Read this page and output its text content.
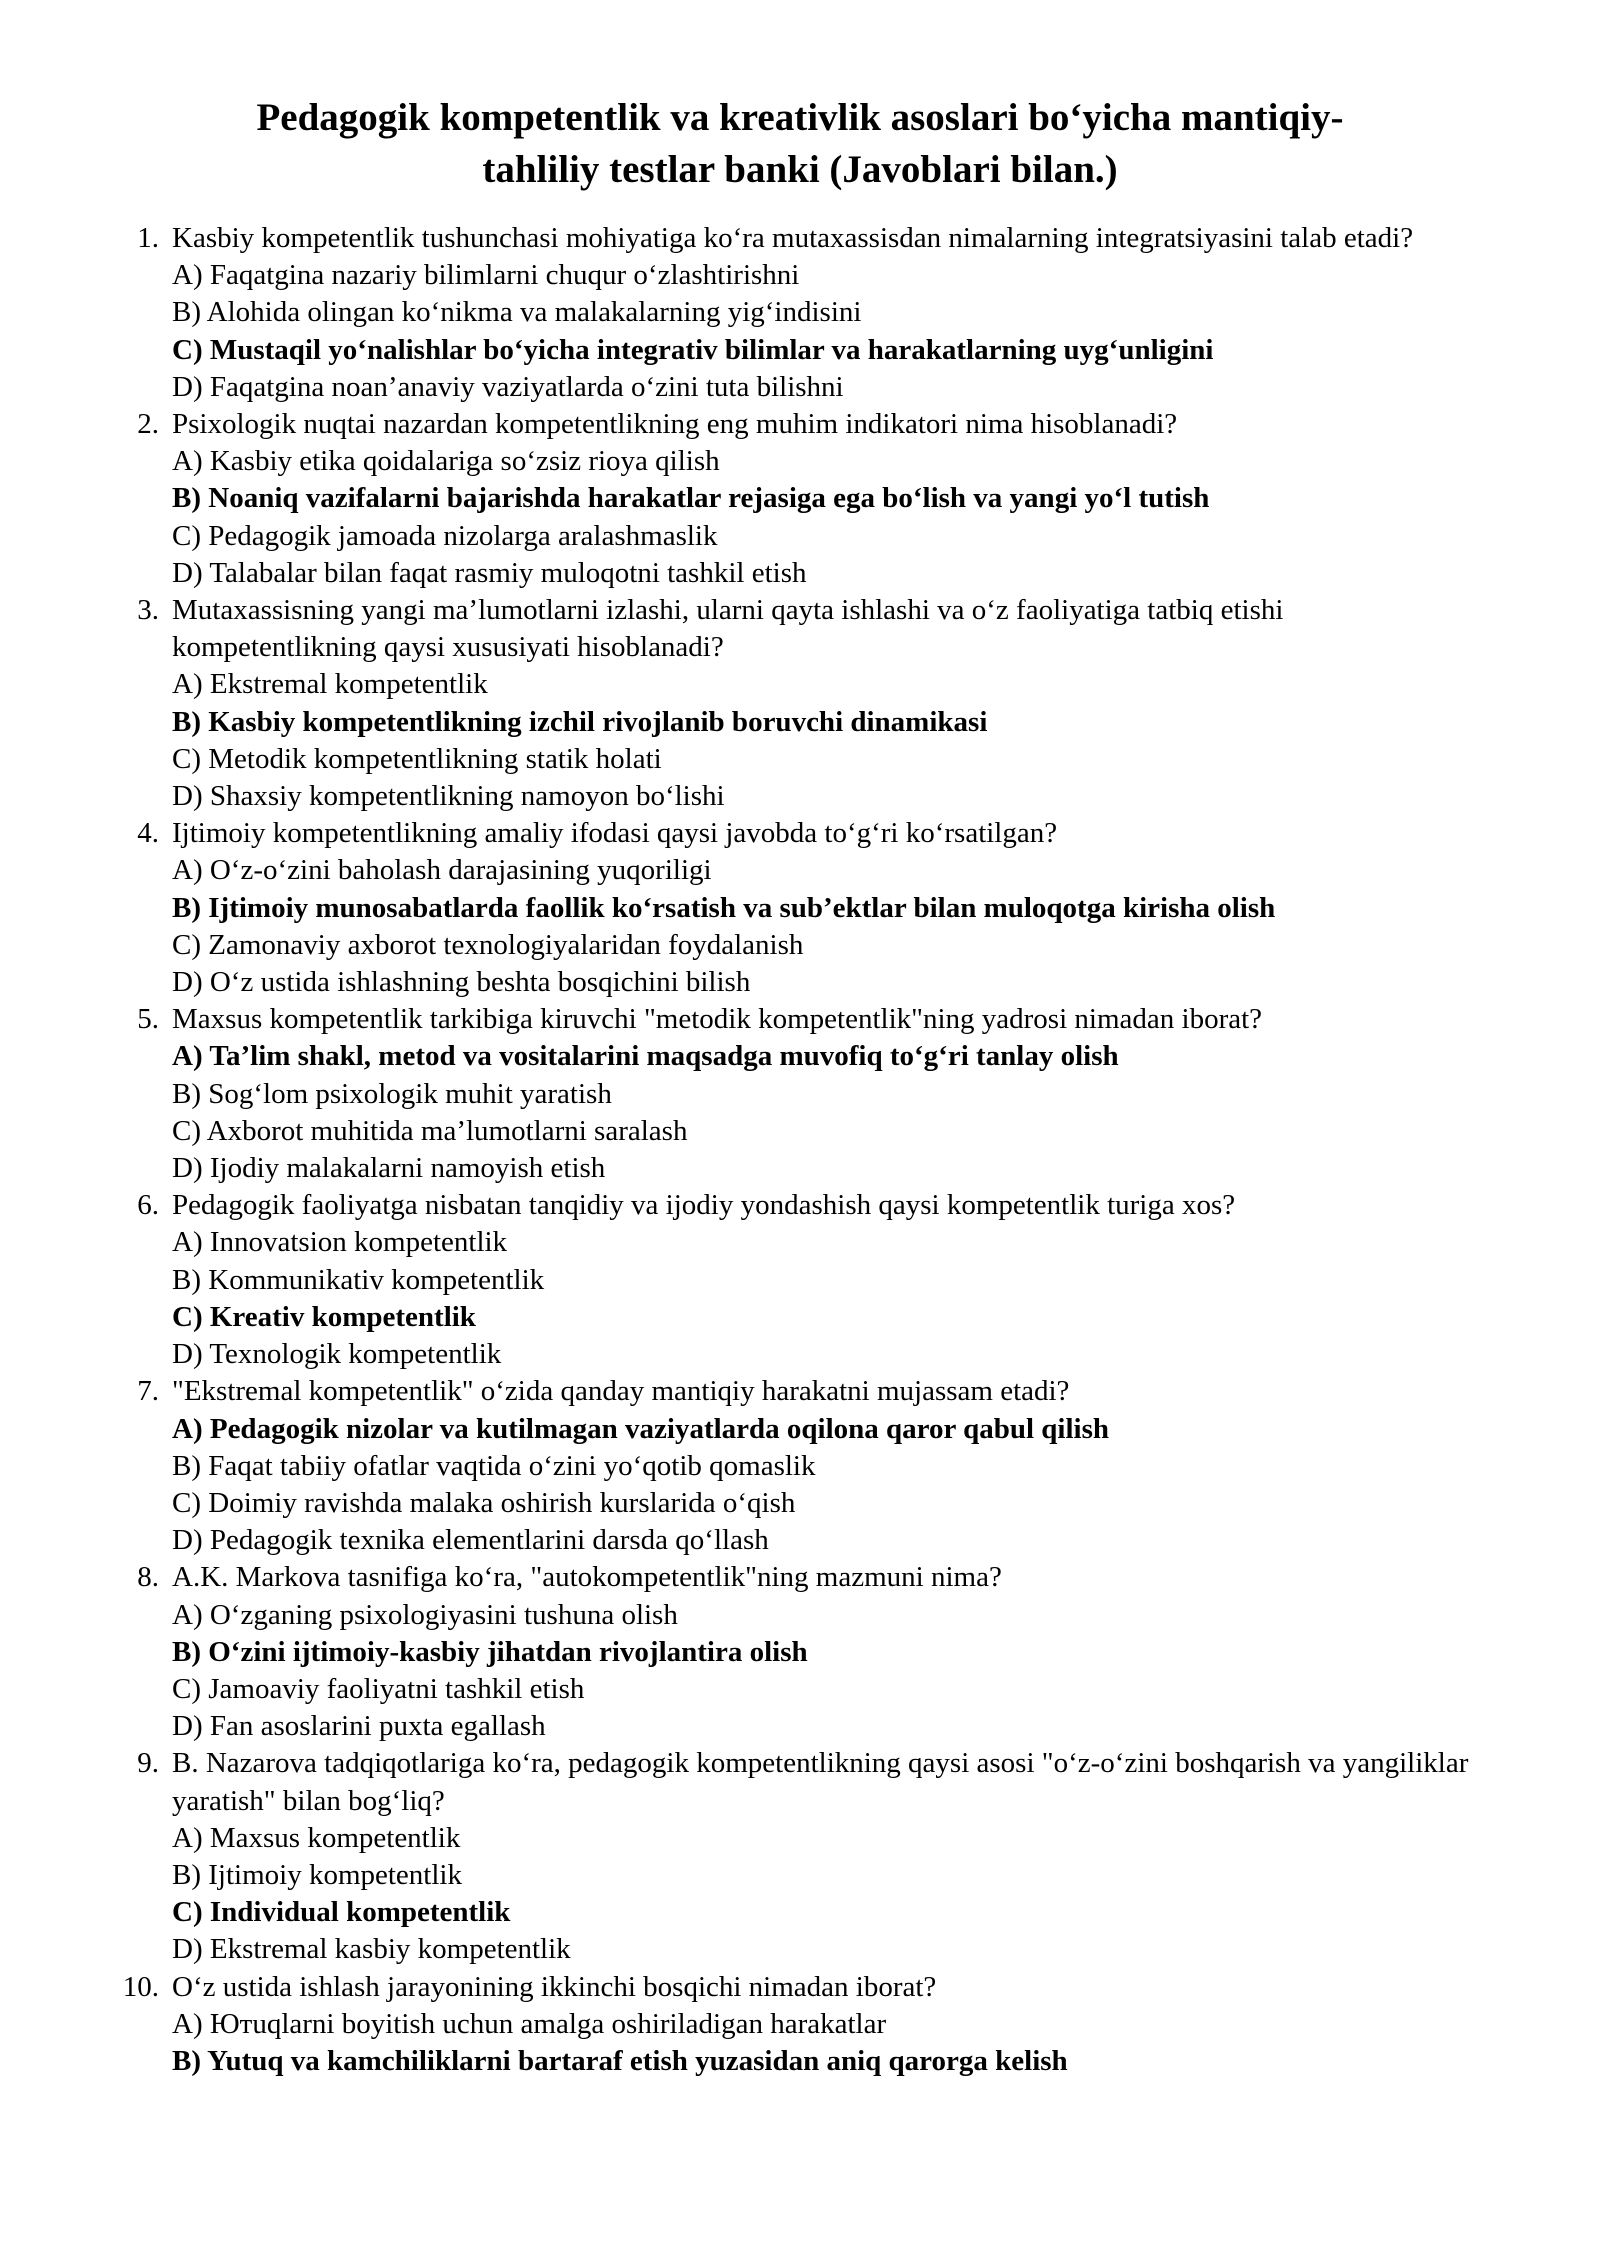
Pedagogik kompetentlik va kreativlik asoslari bo‘yicha mantiqiy-
tahliliy testlar banki (Javoblari bilan.)
1. Kasbiy kompetentlik tushunchasi mohiyatiga ko‘ra mutaxassisdan nimalarning integratsiyasini talab etadi?
A) Faqatgina nazariy bilimlarni chuqur o‘zlashtirishni
B) Alohida olingan ko‘nikma va malakalarning yig‘indisini
C) Mustaqil yo‘nalishlar bo‘yicha integrativ bilimlar va harakatlarning uyg‘unligini
D) Faqatgina noan’anaviy vaziyatlarda o‘zini tuta bilishni
2. Psixologik nuqtai nazardan kompetentlikning eng muhim indikatori nima hisoblanadi?
A) Kasbiy etika qoidalariga so‘zsiz rioya qilish
B) Noaniq vazifalarni bajarishda harakatlar rejasiga ega bo‘lish va yangi yo‘l tutish
C) Pedagogik jamoada nizolarga aralashmaslik
D) Talabalar bilan faqat rasmiy muloqotni tashkil etish
3. Mutaxassisning yangi ma’lumotlarni izlashi, ularni qayta ishlashi va o‘z faoliyatiga tatbiq etishi kompetentlikning qaysi xususiyati hisoblanadi?
A) Ekstremal kompetentlik
B) Kasbiy kompetentlikning izchil rivojlanib boruvchi dinamikasi
C) Metodik kompetentlikning statik holati
D) Shaxsiy kompetentlikning namoyon bo‘lishi
4. Ijtimoiy kompetentlikning amaliy ifodasi qaysi javobda to‘g‘ri ko‘rsatilgan?
A) O‘z-o‘zini baholash darajasining yuqoriligi
B) Ijtimoiy munosabatlarda faollik ko‘rsatish va sub’ektlar bilan muloqotga kirisha olish
C) Zamonaviy axborot texnologiyalaridan foydalanish
D) O‘z ustida ishlashning beshta bosqichini bilish
5. Maxsus kompetentlik tarkibiga kiruvchi "metodik kompetentlik"ning yadrosi nimadan iborat?
A) Ta’lim shakl, metod va vositalarini maqsadga muvofiq to‘g‘ri tanlay olish
B) Sog‘lom psixologik muhit yaratish
C) Axborot muhitida ma’lumotlarni saralash
D) Ijodiy malakalarni namoyish etish
6. Pedagogik faoliyatga nisbatan tanqidiy va ijodiy yondashish qaysi kompetentlik turiga xos?
A) Innovatsion kompetentlik
B) Kommunikativ kompetentlik
C) Kreativ kompetentlik
D) Texnologik kompetentlik
7. "Ekstremal kompetentlik" o‘zida qanday mantiqiy harakatni mujassam etadi?
A) Pedagogik nizolar va kutilmagan vaziyatlarda oqilona qaror qabul qilish
B) Faqat tabiiy ofatlar vaqtida o‘zini yo‘qotib qomaslik
C) Doimiy ravishda malaka oshirish kurslarida o‘qish
D) Pedagogik texnika elementlarini darsda qo‘llash
8. A.K. Markova tasnifiga ko‘ra, "autokompetentlik"ning mazmuni nima?
A) O‘zganing psixologiyasini tushuna olish
B) O‘zini ijtimoiy-kasbiy jihatdan rivojlantira olish
C) Jamoaviy faoliyatni tashkil etish
D) Fan asoslarini puxta egallash
9. B. Nazarova tadqiqotlariga ko‘ra, pedagogik kompetentlikning qaysi asosi "o‘z-o‘zini boshqarish va yangiliklar yaratish" bilan bog‘liq?
A) Maxsus kompetentlik
B) Ijtimoiy kompetentlik
C) Individual kompetentlik
D) Ekstremal kasbiy kompetentlik
10. O‘z ustida ishlash jarayonining ikkinchi bosqichi nimadan iborat?
A) Ютuqlarni boyitish uchun amalga oshiriladigan harakatlar
B) Yutuq va kamchiliklarni bartaraf etish yuzasidan aniq qarorga kelish
